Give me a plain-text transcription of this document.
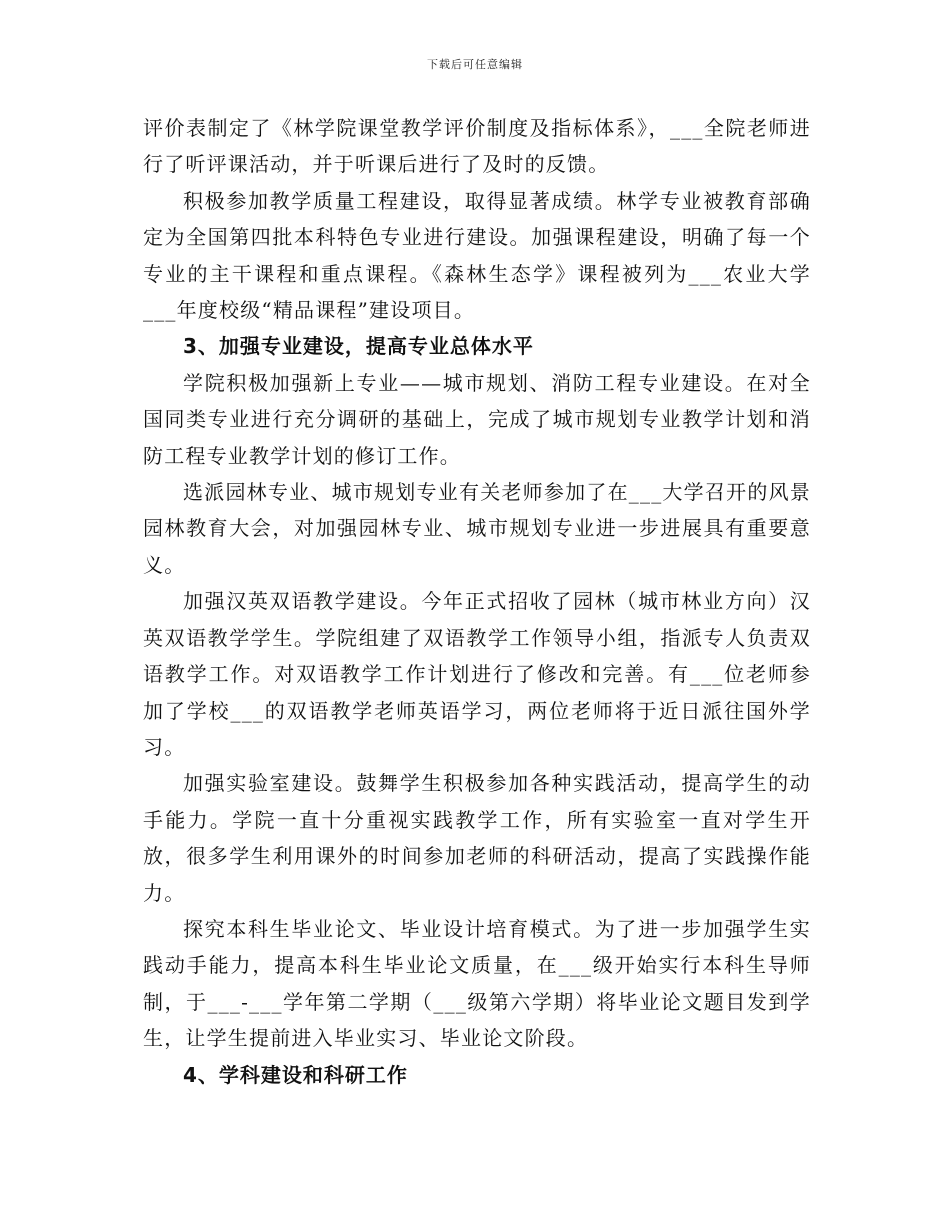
下载后可任意编辑

评价表制定了《林学院课堂教学评价制度及指标体系》，___全院老师进行了听评课活动，并于听课后进行了及时的反馈。

积极参加教学质量工程建设，取得显著成绩。林学专业被教育部确定为全国第四批本科特色专业进行建设。加强课程建设，明确了每一个专业的主干课程和重点课程。《森林生态学》课程被列为___农业大学___年度校级“精品课程”建设项目。

3、加强专业建设，提高专业总体水平

学院积极加强新上专业——城市规划、消防工程专业建设。在对全国同类专业进行充分调研的基础上，完成了城市规划专业教学计划和消防工程专业教学计划的修订工作。

选派园林专业、城市规划专业有关老师参加了在___大学召开的风景园林教育大会，对加强园林专业、城市规划专业进一步进展具有重要意义。

加强汉英双语教学建设。今年正式招收了园林（城市林业方向）汉英双语教学学生。学院组建了双语教学工作领导小组，指派专人负责双语教学工作。对双语教学工作计划进行了修改和完善。有___位老师参加了学校___的双语教学老师英语学习，两位老师将于近日派往国外学习。

加强实验室建设。鼓舞学生积极参加各种实践活动，提高学生的动手能力。学院一直十分重视实践教学工作，所有实验室一直对学生开放，很多学生利用课外的时间参加老师的科研活动，提高了实践操作能力。

探究本科生毕业论文、毕业设计培育模式。为了进一步加强学生实践动手能力，提高本科生毕业论文质量，在___级开始实行本科生导师制，于___-___学年第二学期（___级第六学期）将毕业论文题目发到学生，让学生提前进入毕业实习、毕业论文阶段。

4、学科建设和科研工作
